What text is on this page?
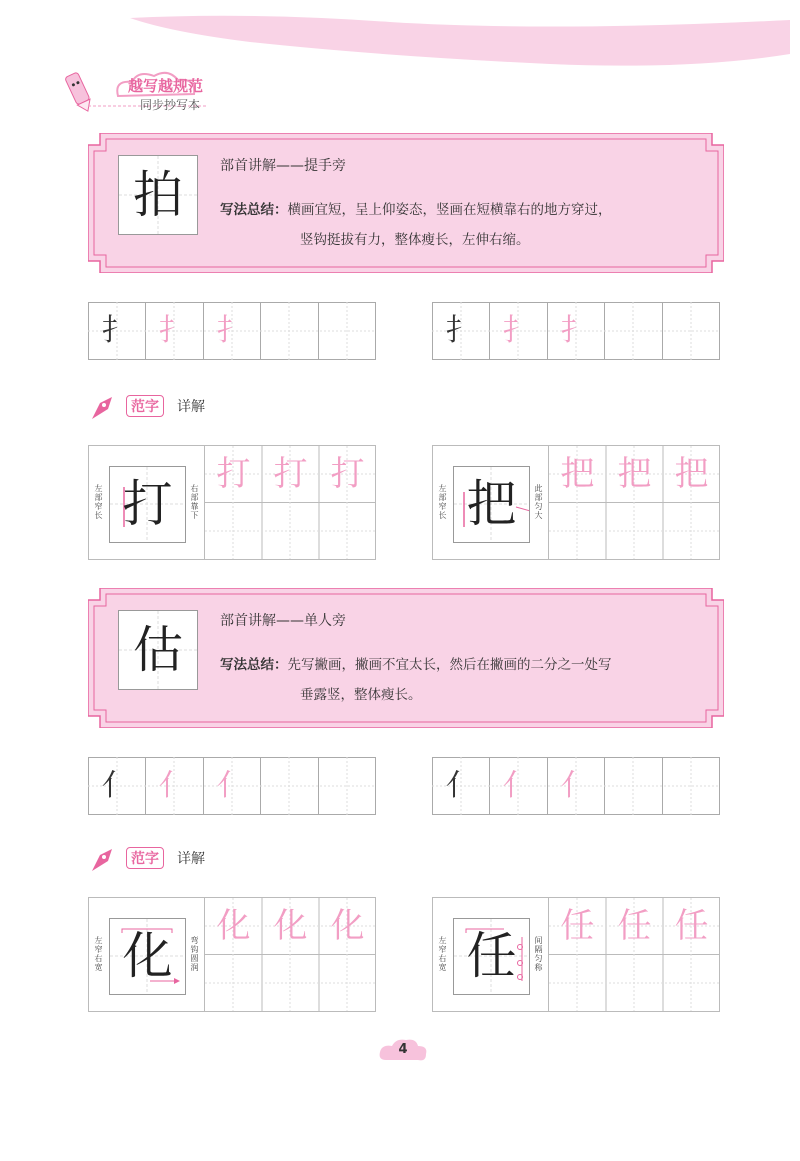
越写越规范
同步抄写本
拍	部首讲解——提手旁
写法总结：横画宜短，呈上仰姿态，竖画在短横靠右的地方穿过，
竖钩挺拔有力，整体瘦长，左伸右缩。
扌 扌 扌	扌 扌 扌
范字	详解
左部窄长 打	右部靠下
打 打 打
左部窄长 把	此部匀大
把 把 把
估	部首讲解——单人旁
写法总结：先写撇画，撇画不宜太长，然后在撇画的二分之一处写
垂露竖，整体瘦长。
亻 亻 亻	亻 亻 亻
范字	详解
左窄右宽 化	弯钩圆润
化 化 化
左窄右宽 任	间隔匀称
任 任 任
4
